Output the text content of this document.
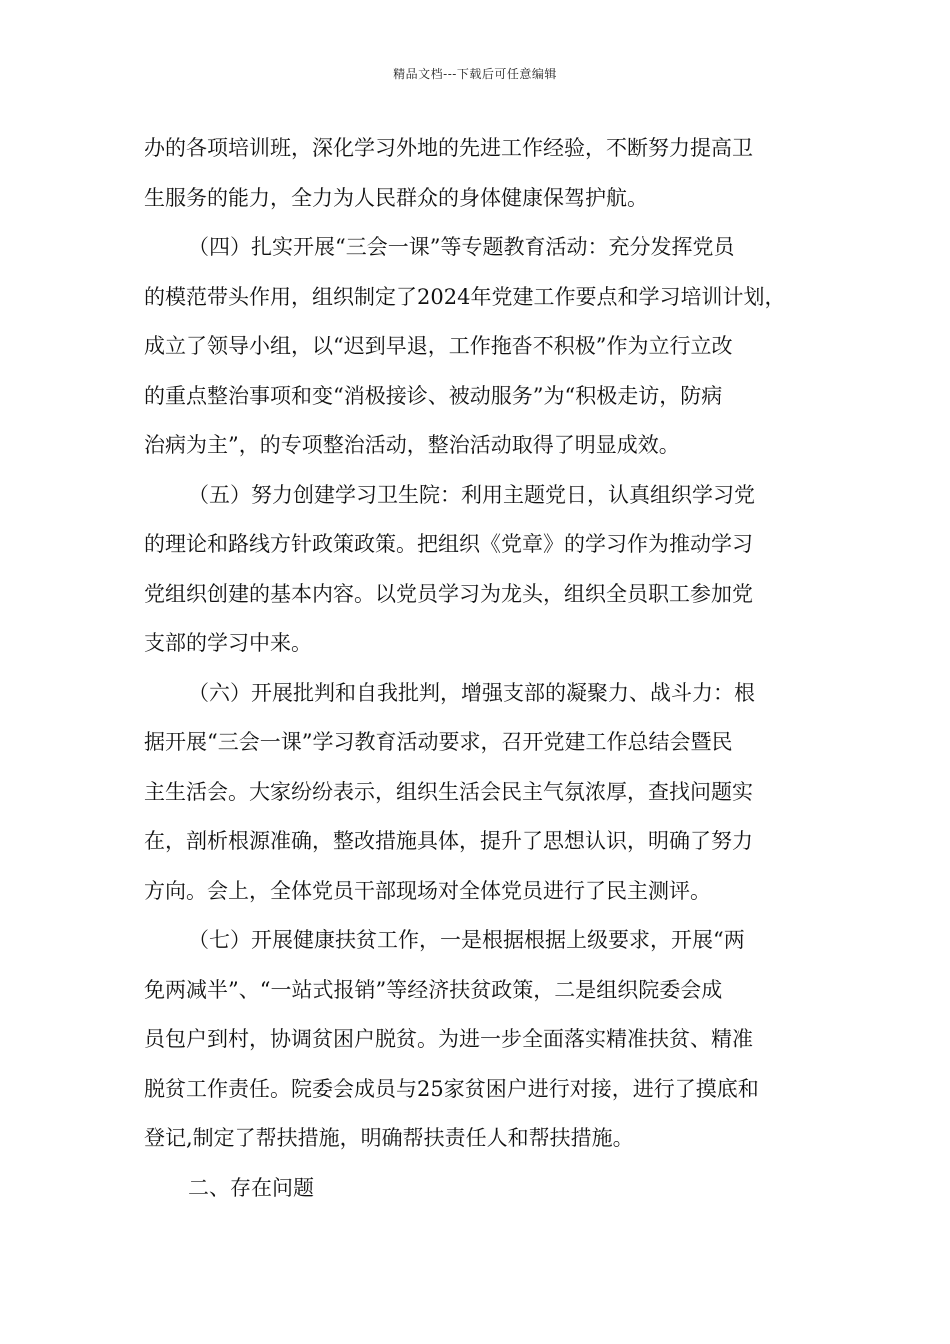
精品文档---下载后可任意编辑
办的各项培训班，深化学习外地的先进工作经验，不断努力提高卫
生服务的能力，全力为人民群众的身体健康保驾护航。
（四）扎实开展“三会一课”等专题教育活动：充分发挥党员
的模范带头作用，组织制定了2024年党建工作要点和学习培训计划，
成立了领导小组，以“迟到早退，工作拖沓不积极”作为立行立改
的重点整治事项和变“消极接诊、被动服务”为“积极走访，防病
治病为主”，的专项整治活动，整治活动取得了明显成效。
（五）努力创建学习卫生院：利用主题党日，认真组织学习党
的理论和路线方针政策政策。把组织《党章》的学习作为推动学习
党组织创建的基本内容。以党员学习为龙头，组织全员职工参加党
支部的学习中来。
（六）开展批判和自我批判，增强支部的凝聚力、战斗力：根
据开展“三会一课”学习教育活动要求，召开党建工作总结会暨民
主生活会。大家纷纷表示，组织生活会民主气氛浓厚，查找问题实
在，剖析根源准确，整改措施具体，提升了思想认识，明确了努力
方向。会上，全体党员干部现场对全体党员进行了民主测评。
（七）开展健康扶贫工作，一是根据根据上级要求，开展“两
免两减半”、“一站式报销”等经济扶贫政策，二是组织院委会成
员包户到村，协调贫困户脱贫。为进一步全面落实精准扶贫、精准
脱贫工作责任。院委会成员与25家贫困户进行对接，进行了摸底和
登记,制定了帮扶措施，明确帮扶责任人和帮扶措施。
二、存在问题
